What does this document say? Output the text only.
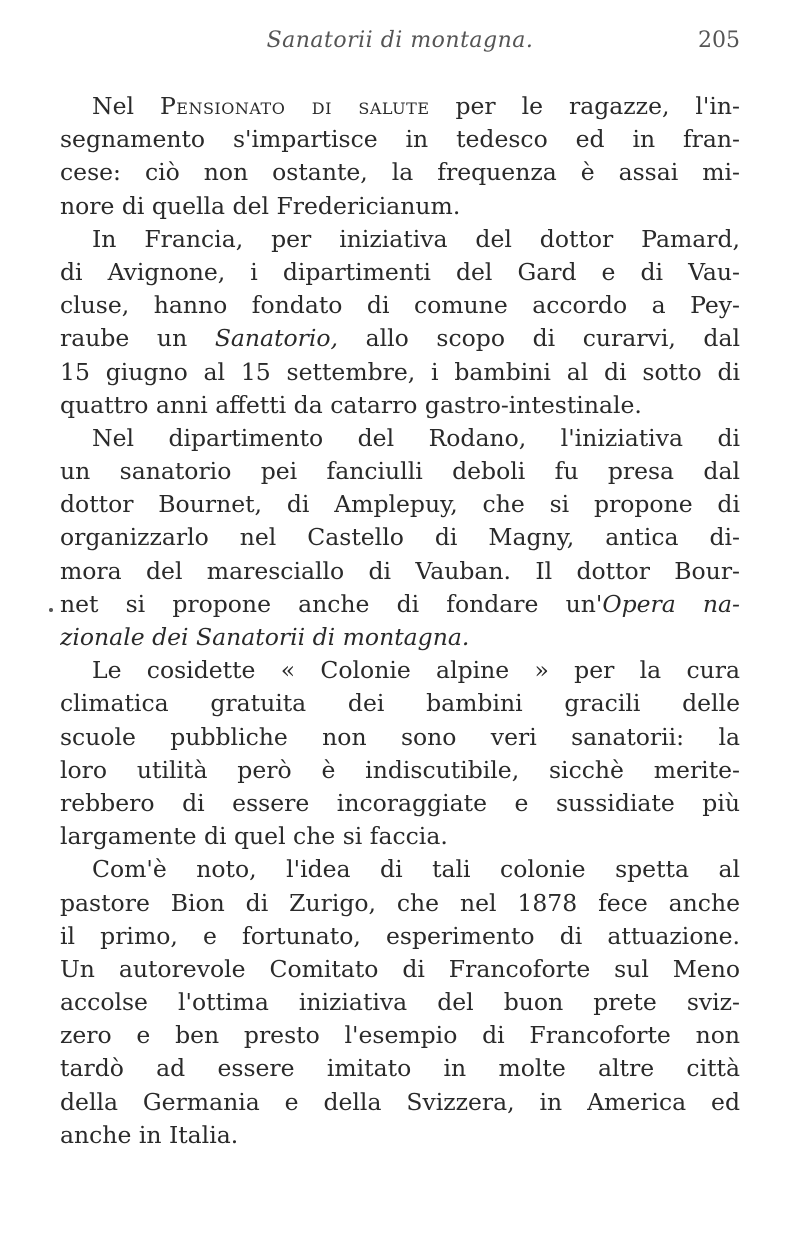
Sanatorii di montagna.	205
Nel Pensionato di salute per le ragazze, l'in-
segnamento s'impartisce in tedesco ed in fran-
cese: ciò non ostante, la frequenza è assai mi-
nore di quella del Fredericianum.
In Francia, per iniziativa del dottor Pamard,
di Avignone, i dipartimenti del Gard e di Vau-
cluse, hanno fondato di comune accordo a Pey-
raube un Sanatorio, allo scopo di curarvi, dal
15 giugno al 15 settembre, i bambini al di sotto di
quattro anni affetti da catarro gastro-intestinale.
Nel dipartimento del Rodano, l'iniziativa di
un sanatorio pei fanciulli deboli fu presa dal
dottor Bournet, di Amplepuy, che si propone di
organizzarlo nel Castello di Magny, antica di-
mora del maresciallo di Vauban. Il dottor Bour-
net si propone anche di fondare un'Opera na-
zionale dei Sanatorii di montagna.
Le cosidette « Colonie alpine » per la cura
climatica gratuita dei bambini gracili delle
scuole pubbliche non sono veri sanatorii: la
loro utilità però è indiscutibile, sicchè merite-
rebbero di essere incoraggiate e sussidiate più
largamente di quel che si faccia.
Com'è noto, l'idea di tali colonie spetta al
pastore Bion di Zurigo, che nel 1878 fece anche
il primo, e fortunato, esperimento di attuazione.
Un autorevole Comitato di Francoforte sul Meno
accolse l'ottima iniziativa del buon prete sviz-
zero e ben presto l'esempio di Francoforte non
tardò ad essere imitato in molte altre città
della Germania e della Svizzera, in America ed
anche in Italia.
